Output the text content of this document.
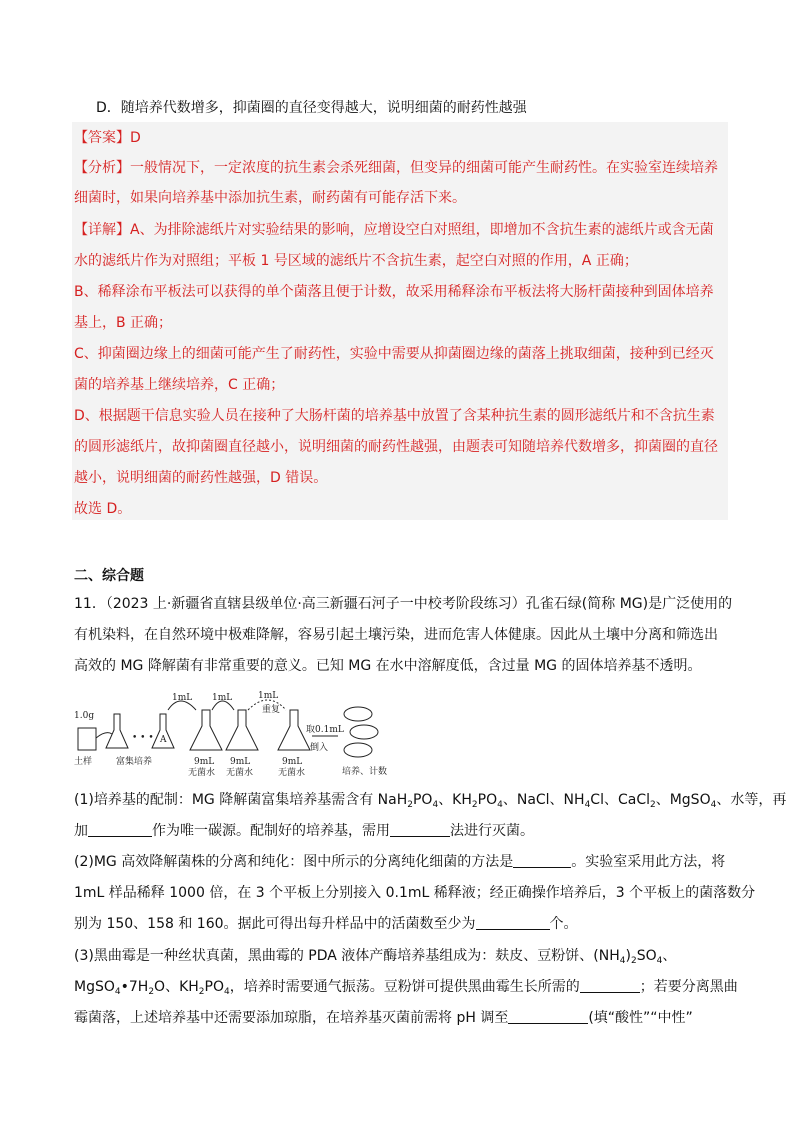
D．随培养代数增多，抑菌圈的直径变得越大，说明细菌的耐药性越强
【答案】D
【分析】一般情况下，一定浓度的抗生素会杀死细菌，但变异的细菌可能产生耐药性。在实验室连续培养
细菌时，如果向培养基中添加抗生素，耐药菌有可能存活下来。
【详解】A、为排除滤纸片对实验结果的影响，应增设空白对照组，即增加不含抗生素的滤纸片或含无菌
水的滤纸片作为对照组；平板 1 号区域的滤纸片不含抗生素，起空白对照的作用，A 正确；
B、稀释涂布平板法可以获得的单个菌落且便于计数，故采用稀释涂布平板法将大肠杆菌接种到固体培养
基上，B 正确；
C、抑菌圈边缘上的细菌可能产生了耐药性，实验中需要从抑菌圈边缘的菌落上挑取细菌，接种到已经灭
菌的培养基上继续培养，C 正确；
D、根据题干信息实验人员在接种了大肠杆菌的培养基中放置了含某种抗生素的圆形滤纸片和不含抗生素
的圆形滤纸片，故抑菌圈直径越小，说明细菌的耐药性越强，由题表可知随培养代数增多，抑菌圈的直径
越小，说明细菌的耐药性越强，D 错误。
故选 D。
二、综合题
11．（2023 上·新疆省直辖县级单位·高三新疆石河子一中校考阶段练习）孔雀石绿(简称 MG)是广泛使用的
有机染料，在自然环境中极难降解，容易引起土壤污染，进而危害人体健康。因此从土壤中分离和筛选出
高效的 MG 降解菌有非常重要的意义。已知 MG 在水中溶解度低，含过量 MG 的固体培养基不透明。
1.0g
土样	富集培养
• • • A
1mL
9mL
无菌水
1mL
9mL
无菌水
1mL
重复
9mL
无菌水
取0.1mL
倒入
培养、计数
(1)培养基的配制：MG 降解菌富集培养基需含有 $NaH_2PO_4$、$KH_2PO_4$、NaCl、$NH_4Cl$、CaCl$_2$、MgSO$_4$、水等，再
加	作为唯一碳源。配制好的培养基，需用	法进行灭菌。
(2)MG 高效降解菌株的分离和纯化：图中所示的分离纯化细菌的方法是	。实验室采用此方法，将
1mL 样品稀释 1000 倍，在 3 个平板上分别接入 0.1mL 稀释液；经正确操作培养后，3 个平板上的菌落数分
别为 150、158 和 160。据此可得出每升样品中的活菌数至少为	个。
(3)黑曲霉是一种丝状真菌，黑曲霉的 PDA 液体产酶培养基组成为：麸皮、豆粉饼、$(NH_4)_2SO_4$、
$MgSO_4•7H_2O$、$KH_2PO_4$，培养时需要通气振荡。豆粉饼可提供黑曲霉生长所需的	；若要分离黑曲
霉菌落，上述培养基中还需要添加琼脂，在培养基灭菌前需将 pH 调至	(填“酸性”“中性”
